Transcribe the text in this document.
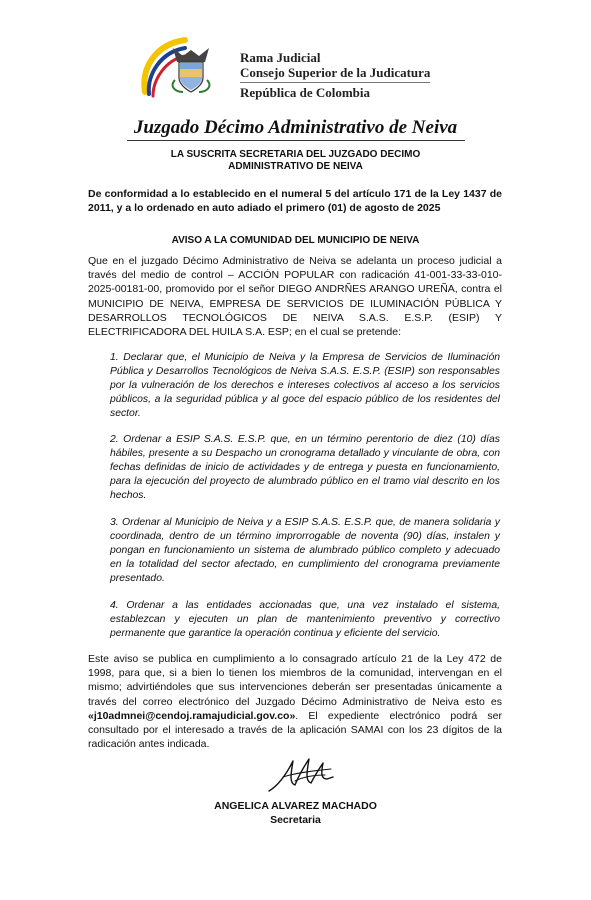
Rama Judicial
Consejo Superior de la Judicatura
República de Colombia
Juzgado Décimo Administrativo de Neiva
LA SUSCRITA SECRETARIA DEL JUZGADO DECIMO
ADMINISTRATIVO DE NEIVA
De conformidad a lo establecido en el numeral 5 del artículo 171 de la Ley 1437 de 2011, y a lo ordenado en auto adiado el primero (01) de agosto de 2025
AVISO A LA COMUNIDAD DEL MUNICIPIO DE NEIVA
Que en el juzgado Décimo Administrativo de Neiva se adelanta un proceso judicial a través del medio de control – ACCIÓN POPULAR con radicación 41-001-33-33-010-2025-00181-00, promovido por el señor DIEGO ANDRÑES ARANGO UREÑA, contra el MUNICIPIO DE NEIVA, EMPRESA DE SERVICIOS DE ILUMINACIÓN PÚBLICA Y DESARROLLOS TECNOLÓGICOS DE NEIVA S.A.S. E.S.P. (ESIP) Y ELECTRIFICADORA DEL HUILA S.A. ESP; en el cual se pretende:
1. Declarar que, el Municipio de Neiva y la Empresa de Servicios de Iluminación Pública y Desarrollos Tecnológicos de Neiva S.A.S. E.S.P. (ESIP) son responsables por la vulneración de los derechos e intereses colectivos al acceso a los servicios públicos, a la seguridad pública y al goce del espacio público de los residentes del sector.
2. Ordenar a ESIP S.A.S. E.S.P. que, en un término perentorio de diez (10) días hábiles, presente a su Despacho un cronograma detallado y vinculante de obra, con fechas definidas de inicio de actividades y de entrega y puesta en funcionamiento, para la ejecución del proyecto de alumbrado público en el tramo vial descrito en los hechos.
3. Ordenar al Municipio de Neiva y a ESIP S.A.S. E.S.P. que, de manera solidaria y coordinada, dentro de un término improrrogable de noventa (90) días, instalen y pongan en funcionamiento un sistema de alumbrado público completo y adecuado en la totalidad del sector afectado, en cumplimiento del cronograma previamente presentado.
4. Ordenar a las entidades accionadas que, una vez instalado el sistema, establezcan y ejecuten un plan de mantenimiento preventivo y correctivo permanente que garantice la operación continua y eficiente del servicio.
Este aviso se publica en cumplimiento a lo consagrado artículo 21 de la Ley 472 de 1998, para que, si a bien lo tienen los miembros de la comunidad, intervengan en el mismo; advirtiéndoles que sus intervenciones deberán ser presentadas únicamente a través del correo electrónico del Juzgado Décimo Administrativo de Neiva esto es «j10admnei@cendoj.ramajudicial.gov.co». El expediente electrónico podrá ser consultado por el interesado a través de la aplicación SAMAI con los 23 dígitos de la radicación antes indicada.
ANGELICA ALVAREZ MACHADO
Secretaria
